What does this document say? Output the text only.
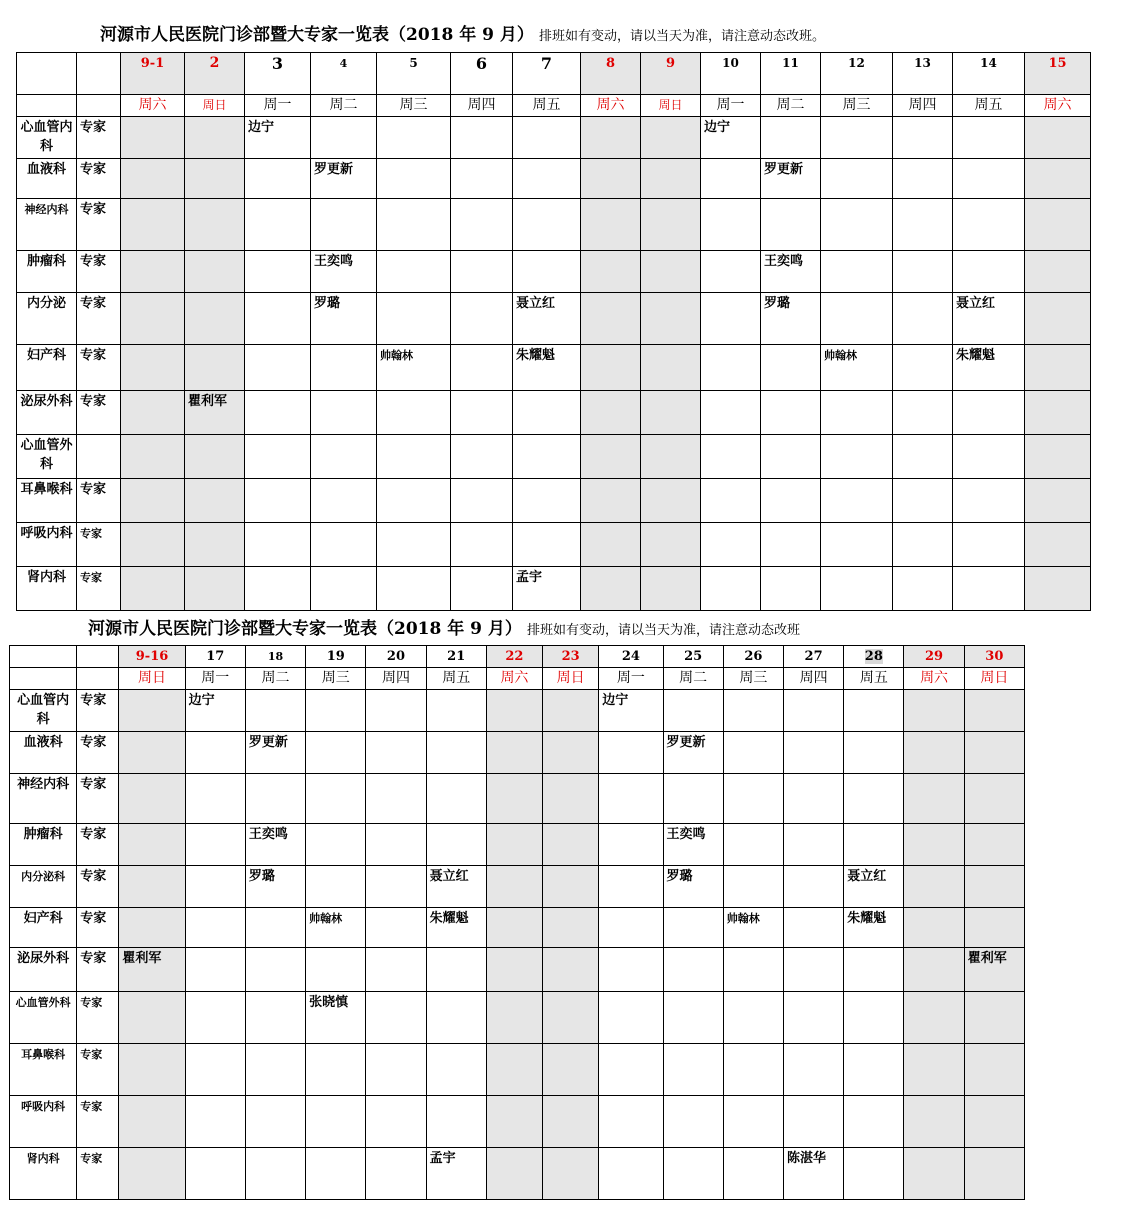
河源市人民医院门诊部暨大专家一览表（2018 年 9 月） 排班如有变动，请以当天为准，请注意动态改班。
		9-1	2	3	4	5	6	7	8	9	10	11	12	13	14	15
		周六	周日	周一	周二	周三	周四	周五	周六	周日	周一	周二	周三	周四	周五	周六
心血管内科	专家			边宁							边宁					
血液科	专家				罗更新							罗更新				
神经内科	专家															
肿瘤科	专家				王奕鸣							王奕鸣				
内分泌	专家				罗璐			聂立红				罗璐			聂立红	
妇产科	专家					帅翰林		朱耀魁					帅翰林		朱耀魁	
泌尿外科	专家		瞿利军													
心血管外科																
耳鼻喉科	专家															
呼吸内科	专家															
肾内科	专家							孟宇								
河源市人民医院门诊部暨大专家一览表（2018 年 9 月） 排班如有变动，请以当天为准，请注意动态改班
		9-16	17	18	19	20	21	22	23	24	25	26	27	28	29	30
		周日	周一	周二	周三	周四	周五	周六	周日	周一	周二	周三	周四	周五	周六	周日
心血管内科	专家		边宁							边宁						
血液科	专家			罗更新							罗更新					
神经内科	专家															
肿瘤科	专家			王奕鸣							王奕鸣					
内分泌科	专家			罗璐			聂立红				罗璐			聂立红		
妇产科	专家				帅翰林		朱耀魁					帅翰林		朱耀魁		
泌尿外科	专家	瞿利军														瞿利军
心血管外科	专家				张晓慎											
耳鼻喉科	专家															
呼吸内科	专家															
肾内科	专家						孟宇						陈湛华			
